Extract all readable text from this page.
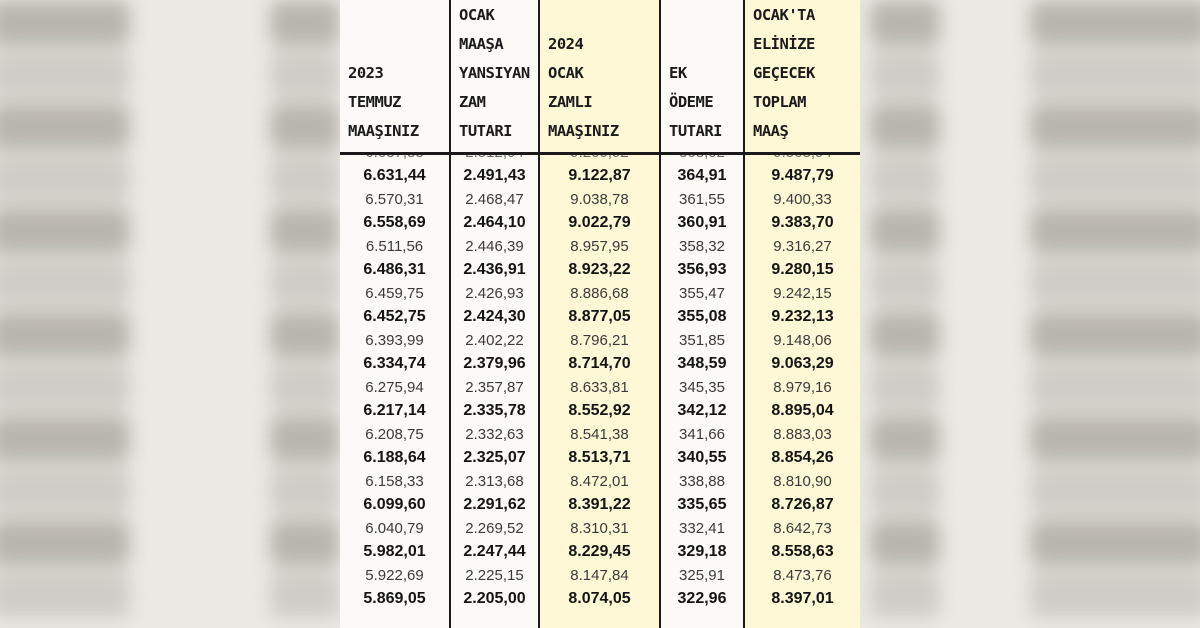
2023
TEMMUZ
MAAŞINIZ
OCAK
MAAŞA
YANSIYAN
ZAM
TUTARI
2024
OCAK
ZAMLI
MAAŞINIZ
EK
ÖDEME
TUTARI
OCAK'TA
ELİNİZE
GEÇECEK
TOPLAM
MAAŞ
6.631,44
6.570,31
6.558,69
6.511,56
6.486,31
6.459,75
6.452,75
6.393,99
6.334,74
6.275,94
6.217,14
6.208,75
6.188,64
6.158,33
6.099,60
6.040,79
5.982,01
5.922,69
5.869,05
2.491,43
2.468,47
2.464,10
2.446,39
2.436,91
2.426,93
2.424,30
2.402,22
2.379,96
2.357,87
2.335,78
2.332,63
2.325,07
2.313,68
2.291,62
2.269,52
2.247,44
2.225,15
2.205,00
9.122,87
9.038,78
9.022,79
8.957,95
8.923,22
8.886,68
8.877,05
8.796,21
8.714,70
8.633,81
8.552,92
8.541,38
8.513,71
8.472,01
8.391,22
8.310,31
8.229,45
8.147,84
8.074,05
364,91
361,55
360,91
358,32
356,93
355,47
355,08
351,85
348,59
345,35
342,12
341,66
340,55
338,88
335,65
332,41
329,18
325,91
322,96
9.487,79
9.400,33
9.383,70
9.316,27
9.280,15
9.242,15
9.232,13
9.148,06
9.063,29
8.979,16
8.895,04
8.883,03
8.854,26
8.810,90
8.726,87
8.642,73
8.558,63
8.473,76
8.397,01
